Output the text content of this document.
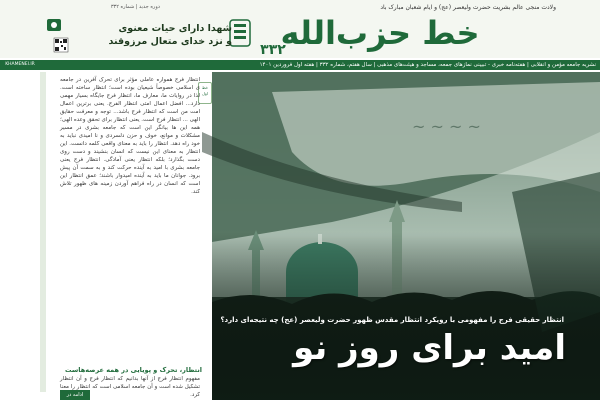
ولادت منجی عالم بشریت حضرت ولیعصر (عج) و ایام شعبان مبارک باد
دوره جدید | شماره ۳۳۲
خط حزب‌الله
۳۳۲
شهدا دارای حیات معنوی
و نزد خدای متعال مرزوقند
KHAMENEI.IR	نشریه جامعه مؤمن و انقلابی | هفته‌نامه خبری - تبیینی نمازهای جمعه، مساجد و هیئت‌های مذهبی | سال هفتم، شماره ۳۳۲ | هفته اول فروردین ۱۴۰۱
خط اول

انتظار فرج همواره عاملی مؤثر برای تحرک آفرین در جامعه ی اسلامی خصوصاً شیعیان بوده است؛ انتظار ساخته است. لذا در روایات ما، معارف ما، انتظار فرج جایگاه بسیار مهمی دارد... افضل اعمال امتی انتظار الفرج. یعنی برترین اعمال امت من است که انتظار فرج باشد... توجه و معرفت حقایق الهی ... انتظار فرج است. یعنی انتظار برای تحقق وعده الهی؛ همه این ها بیانگر این است که جامعه بشری در مسیر مشکلات و موانع، خوف و حزن دلسردی و نا امیدی نباید به خود راه دهد. انتظار را باید به معنای واقعی کلمه دانست. این انتظار به معنای این نیست که انسان بنشیند و دست روی دست بگذارد؛ بلکه انتظار یعنی آمادگی. انتظار فرج یعنی جامعه بشری با امید به آینده حرکت کند و به سمت آن پیش برود. جوانان ما باید به آینده امیدوار باشند؛ عمق انتظار این است که انسان در راه فراهم آوردن زمینه های ظهور تلاش کند.

انتظار، تحرک و پویایی در همه عرصه‌هاست
مفهوم انتظار فرج از آنها بدانیم که انتظار فرج و آن انتظار تشکیل شده است و آن جامعه اسلامی است که انتظار را معنا کرد.
ادامه در صفحه ۳
~ ~ ~ ~
انتظار حقیقی فرج را مفهومی با رویکرد انتظار مقدس ظهور حضرت ولیعصر (عج) چه نتیجه‌ای دارد؟
امید برای روز نو
